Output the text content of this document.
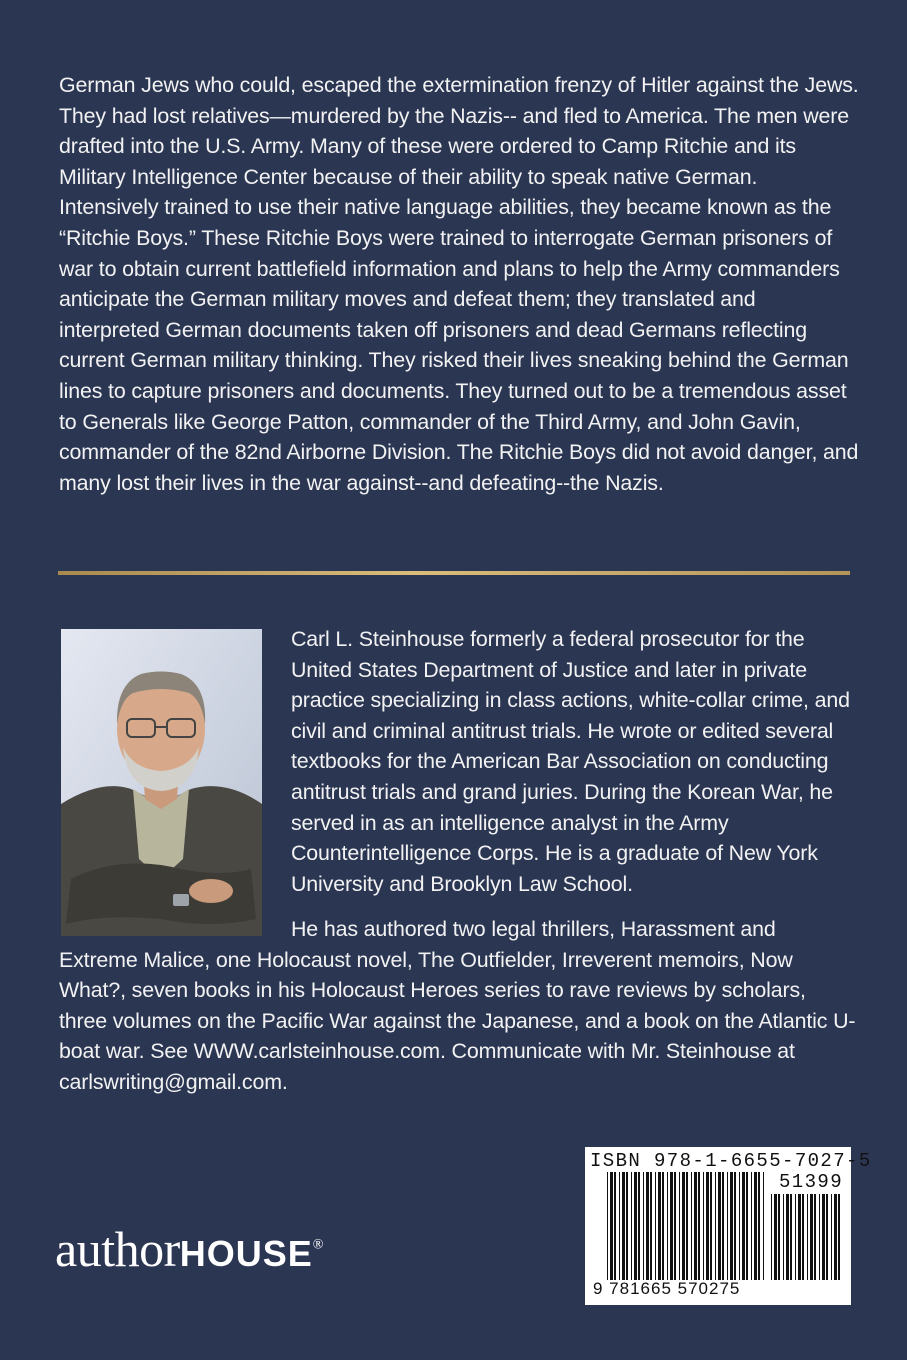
German Jews who could, escaped the extermination frenzy of Hitler against the Jews. They had lost relatives—murdered by the Nazis-- and fled to America. The men were drafted into the U.S. Army. Many of these were ordered to Camp Ritchie and its Military Intelligence Center because of their ability to speak native German. Intensively trained to use their native language abilities, they became known as the “Ritchie Boys.” These Ritchie Boys were trained to interrogate German prisoners of war to obtain current battlefield information and plans to help the Army commanders anticipate the German military moves and defeat them; they translated and interpreted German documents taken off prisoners and dead Germans reflecting current German military thinking. They risked their lives sneaking behind the German lines to capture prisoners and documents. They turned out to be a tremendous asset to Generals like George Patton, commander of the Third Army, and John Gavin, commander of the 82nd Airborne Division. The Ritchie Boys did not avoid danger, and many lost their lives in the war against--and defeating--the Nazis.

Carl L. Steinhouse formerly a federal prosecutor for the United States Department of Justice and later in private practice specializing in class actions, white-collar crime, and civil and criminal antitrust trials. He wrote or edited several textbooks for the American Bar Association on conducting antitrust trials and grand juries. During the Korean War, he served in as an intelligence analyst in the Army Counterintelligence Corps. He is a graduate of New York University and Brooklyn Law School.

He has authored two legal thrillers, Harassment and Extreme Malice, one Holocaust novel, The Outfielder, Irreverent memoirs, Now What?, seven books in his Holocaust Heroes series to rave reviews by scholars, three volumes on the Pacific War against the Japanese, and a book on the Atlantic U-boat war. See WWW.carlsteinhouse.com. Communicate with Mr. Steinhouse at carlswriting@gmail.com.

authorHOUSE®
ISBN 978-1-6655-7027-5
51399
9 781665 570275
